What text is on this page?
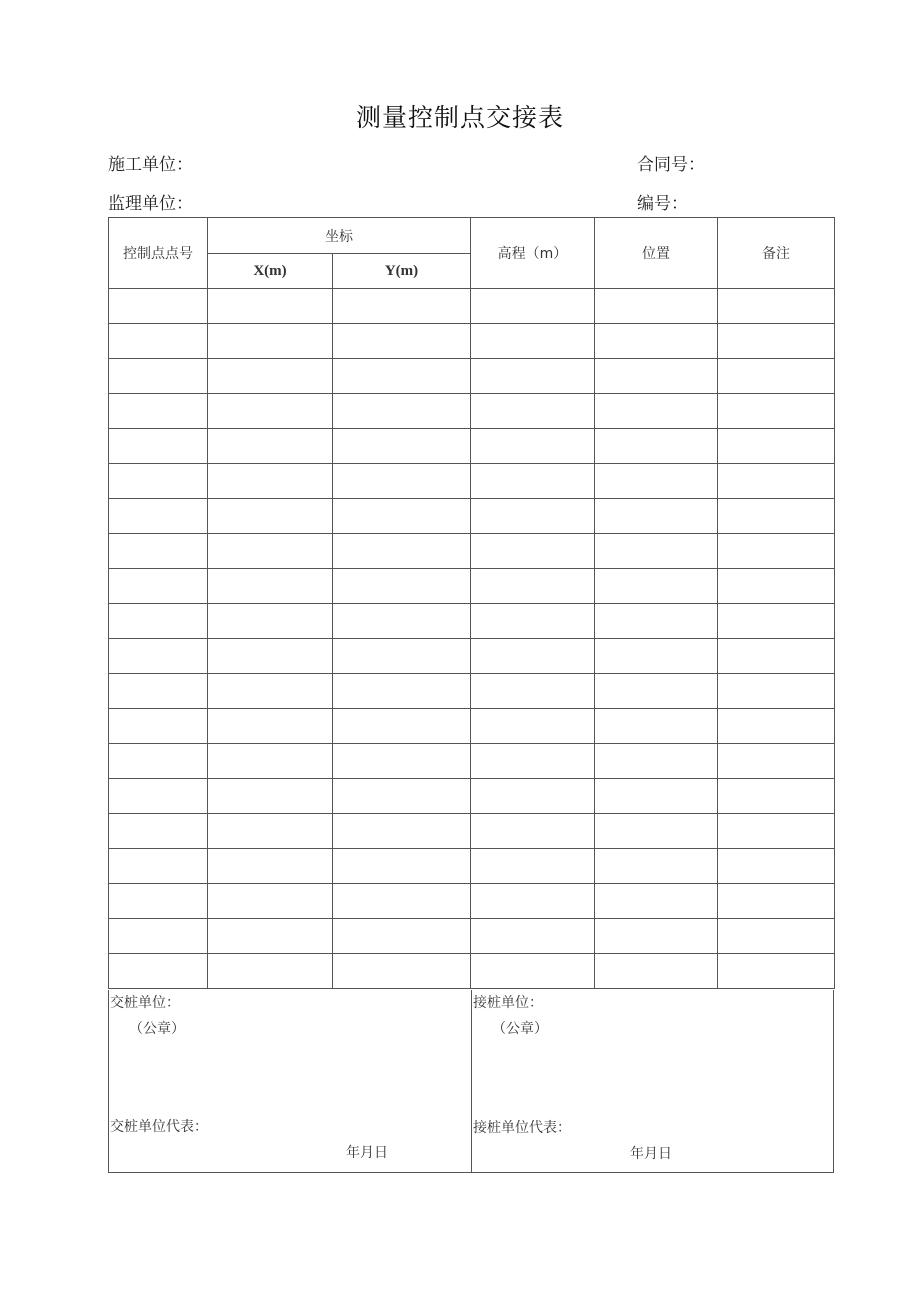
测量控制点交接表
施工单位：	合同号：
监理单位：	编号：
控制点点号	坐标		高程（m）	位置	备注
	X(m)	Y(m)			

交桩单位：
（公章）
交桩单位代表：
年月日
接桩单位：
（公章）
接桩单位代表：
年月日
